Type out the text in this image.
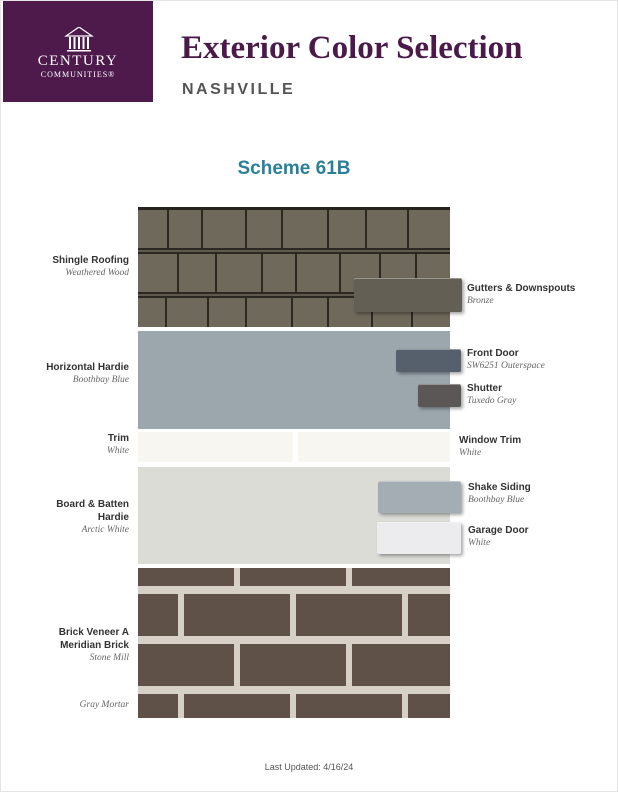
CENTURY
COMMUNITIES®
Exterior Color Selection
NASHVILLE
Scheme 61B
Shingle Roofing
Weathered Wood
Horizontal Hardie
Boothbay Blue
Trim
White
Board & Batten
Hardie
Arctic White
Brick Veneer A
Meridian Brick
Stone Mill
Gray Mortar
Gutters & Downspouts
Bronze
Front Door
SW6251 Outerspace
Shutter
Tuxedo Gray
Window Trim
White
Shake Siding
Boothbay Blue
Garage Door
White
Last Updated: 4/16/24
